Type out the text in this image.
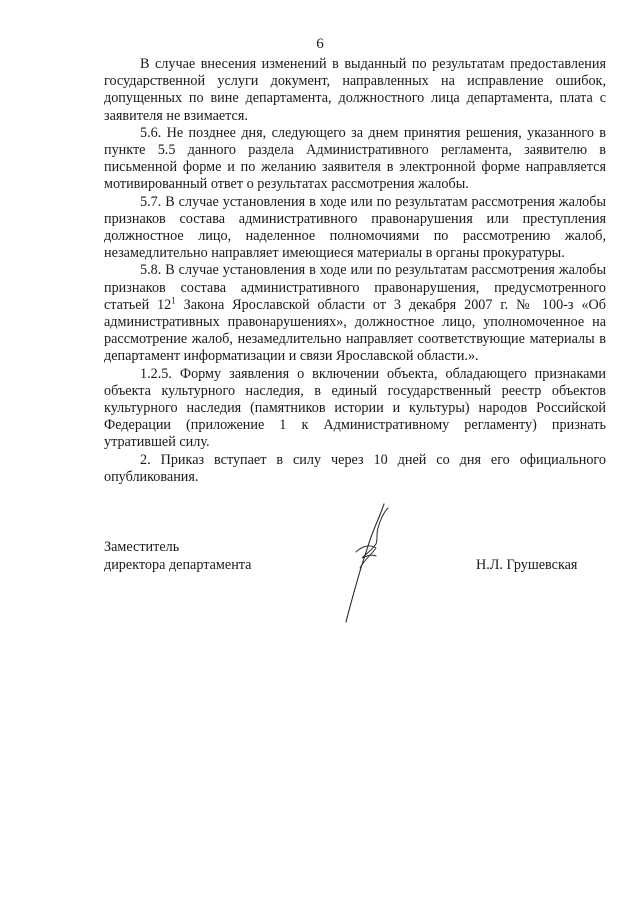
6

В случае внесения изменений в выданный по результатам предоставления государственной услуги документ, направленных на исправление ошибок, допущенных по вине департамента, должностного лица департамента, плата с заявителя не взимается.

5.6. Не позднее дня, следующего за днем принятия решения, указанного в пункте 5.5 данного раздела Административного регламента, заявителю в письменной форме и по желанию заявителя в электронной форме направляется мотивированный ответ о результатах рассмотрения жалобы.

5.7. В случае установления в ходе или по результатам рассмотрения жалобы признаков состава административного правонарушения или преступления должностное лицо, наделенное полномочиями по рассмотрению жалоб, незамедлительно направляет имеющиеся материалы в органы прокуратуры.

5.8. В случае установления в ходе или по результатам рассмотрения жалобы признаков состава административного правонарушения, предусмотренного статьей $12^1$ Закона Ярославской области от 3 декабря 2007 г. № 100-з «Об административных правонарушениях», должностное лицо, уполномоченное на рассмотрение жалоб, незамедлительно направляет соответствующие материалы в департамент информатизации и связи Ярославской области.».

1.2.5. Форму заявления о включении объекта, обладающего признаками объекта культурного наследия, в единый государственный реестр объектов культурного наследия (памятников истории и культуры) народов Российской Федерации (приложение 1 к Административному регламенту) признать утратившей силу.

2. Приказ вступает в силу через 10 дней со дня его официального опубликования.

Заместитель
директора департамента	Н.Л. Грушевская
